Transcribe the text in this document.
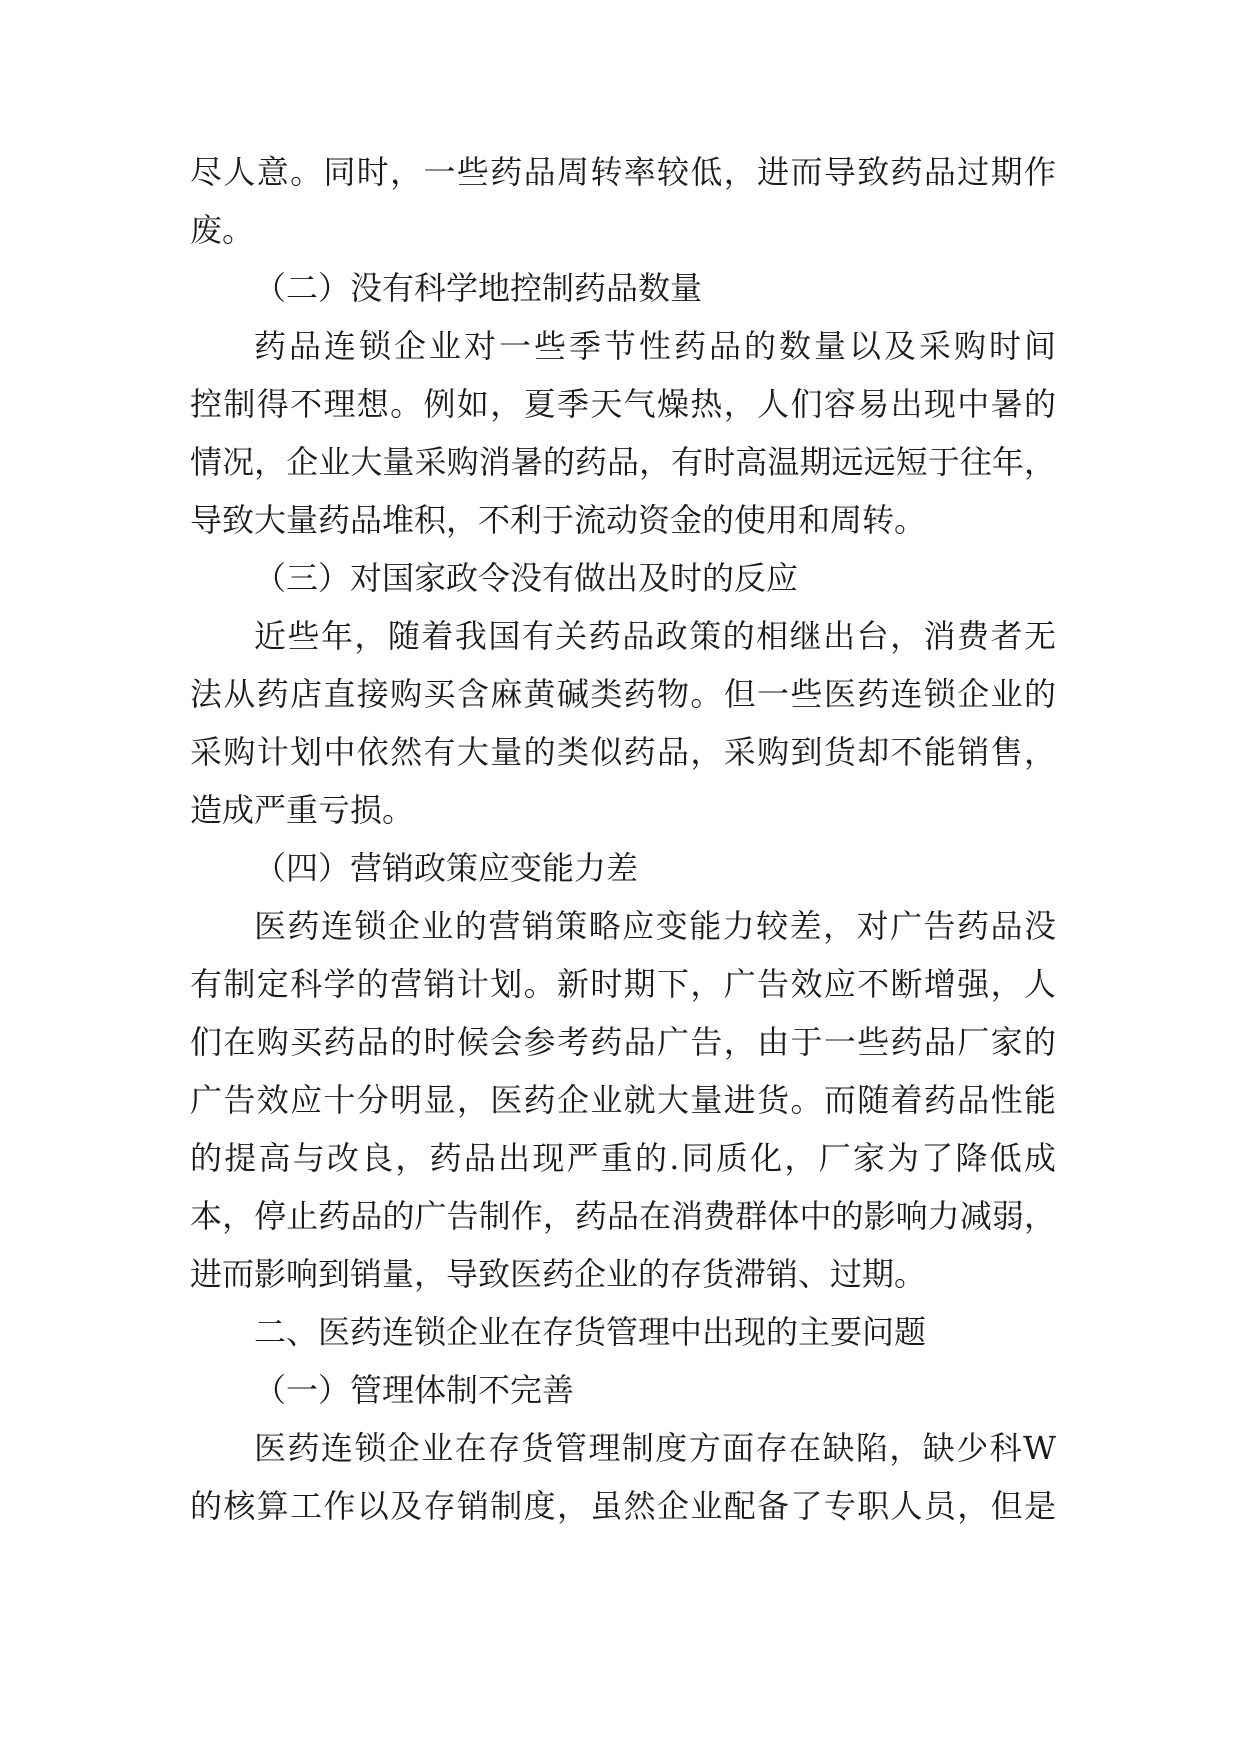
尽人意。同时，一些药品周转率较低，进而导致药品过期作
废。
（二）没有科学地控制药品数量
药品连锁企业对一些季节性药品的数量以及采购时间
控制得不理想。例如，夏季天气燥热，人们容易出现中暑的
情况，企业大量采购消暑的药品，有时高温期远远短于往年，
导致大量药品堆积，不利于流动资金的使用和周转。
（三）对国家政令没有做出及时的反应
近些年，随着我国有关药品政策的相继出台，消费者无
法从药店直接购买含麻黄碱类药物。但一些医药连锁企业的
采购计划中依然有大量的类似药品，采购到货却不能销售，
造成严重亏损。
（四）营销政策应变能力差
医药连锁企业的营销策略应变能力较差，对广告药品没
有制定科学的营销计划。新时期下，广告效应不断增强，人
们在购买药品的时候会参考药品广告，由于一些药品厂家的
广告效应十分明显，医药企业就大量进货。而随着药品性能
的提高与改良，药品出现严重的.同质化，厂家为了降低成
本，停止药品的广告制作，药品在消费群体中的影响力减弱，
进而影响到销量，导致医药企业的存货滞销、过期。
二、医药连锁企业在存货管理中出现的主要问题
（一）管理体制不完善
医药连锁企业在存货管理制度方面存在缺陷，缺少科W
的核算工作以及存销制度，虽然企业配备了专职人员，但是
